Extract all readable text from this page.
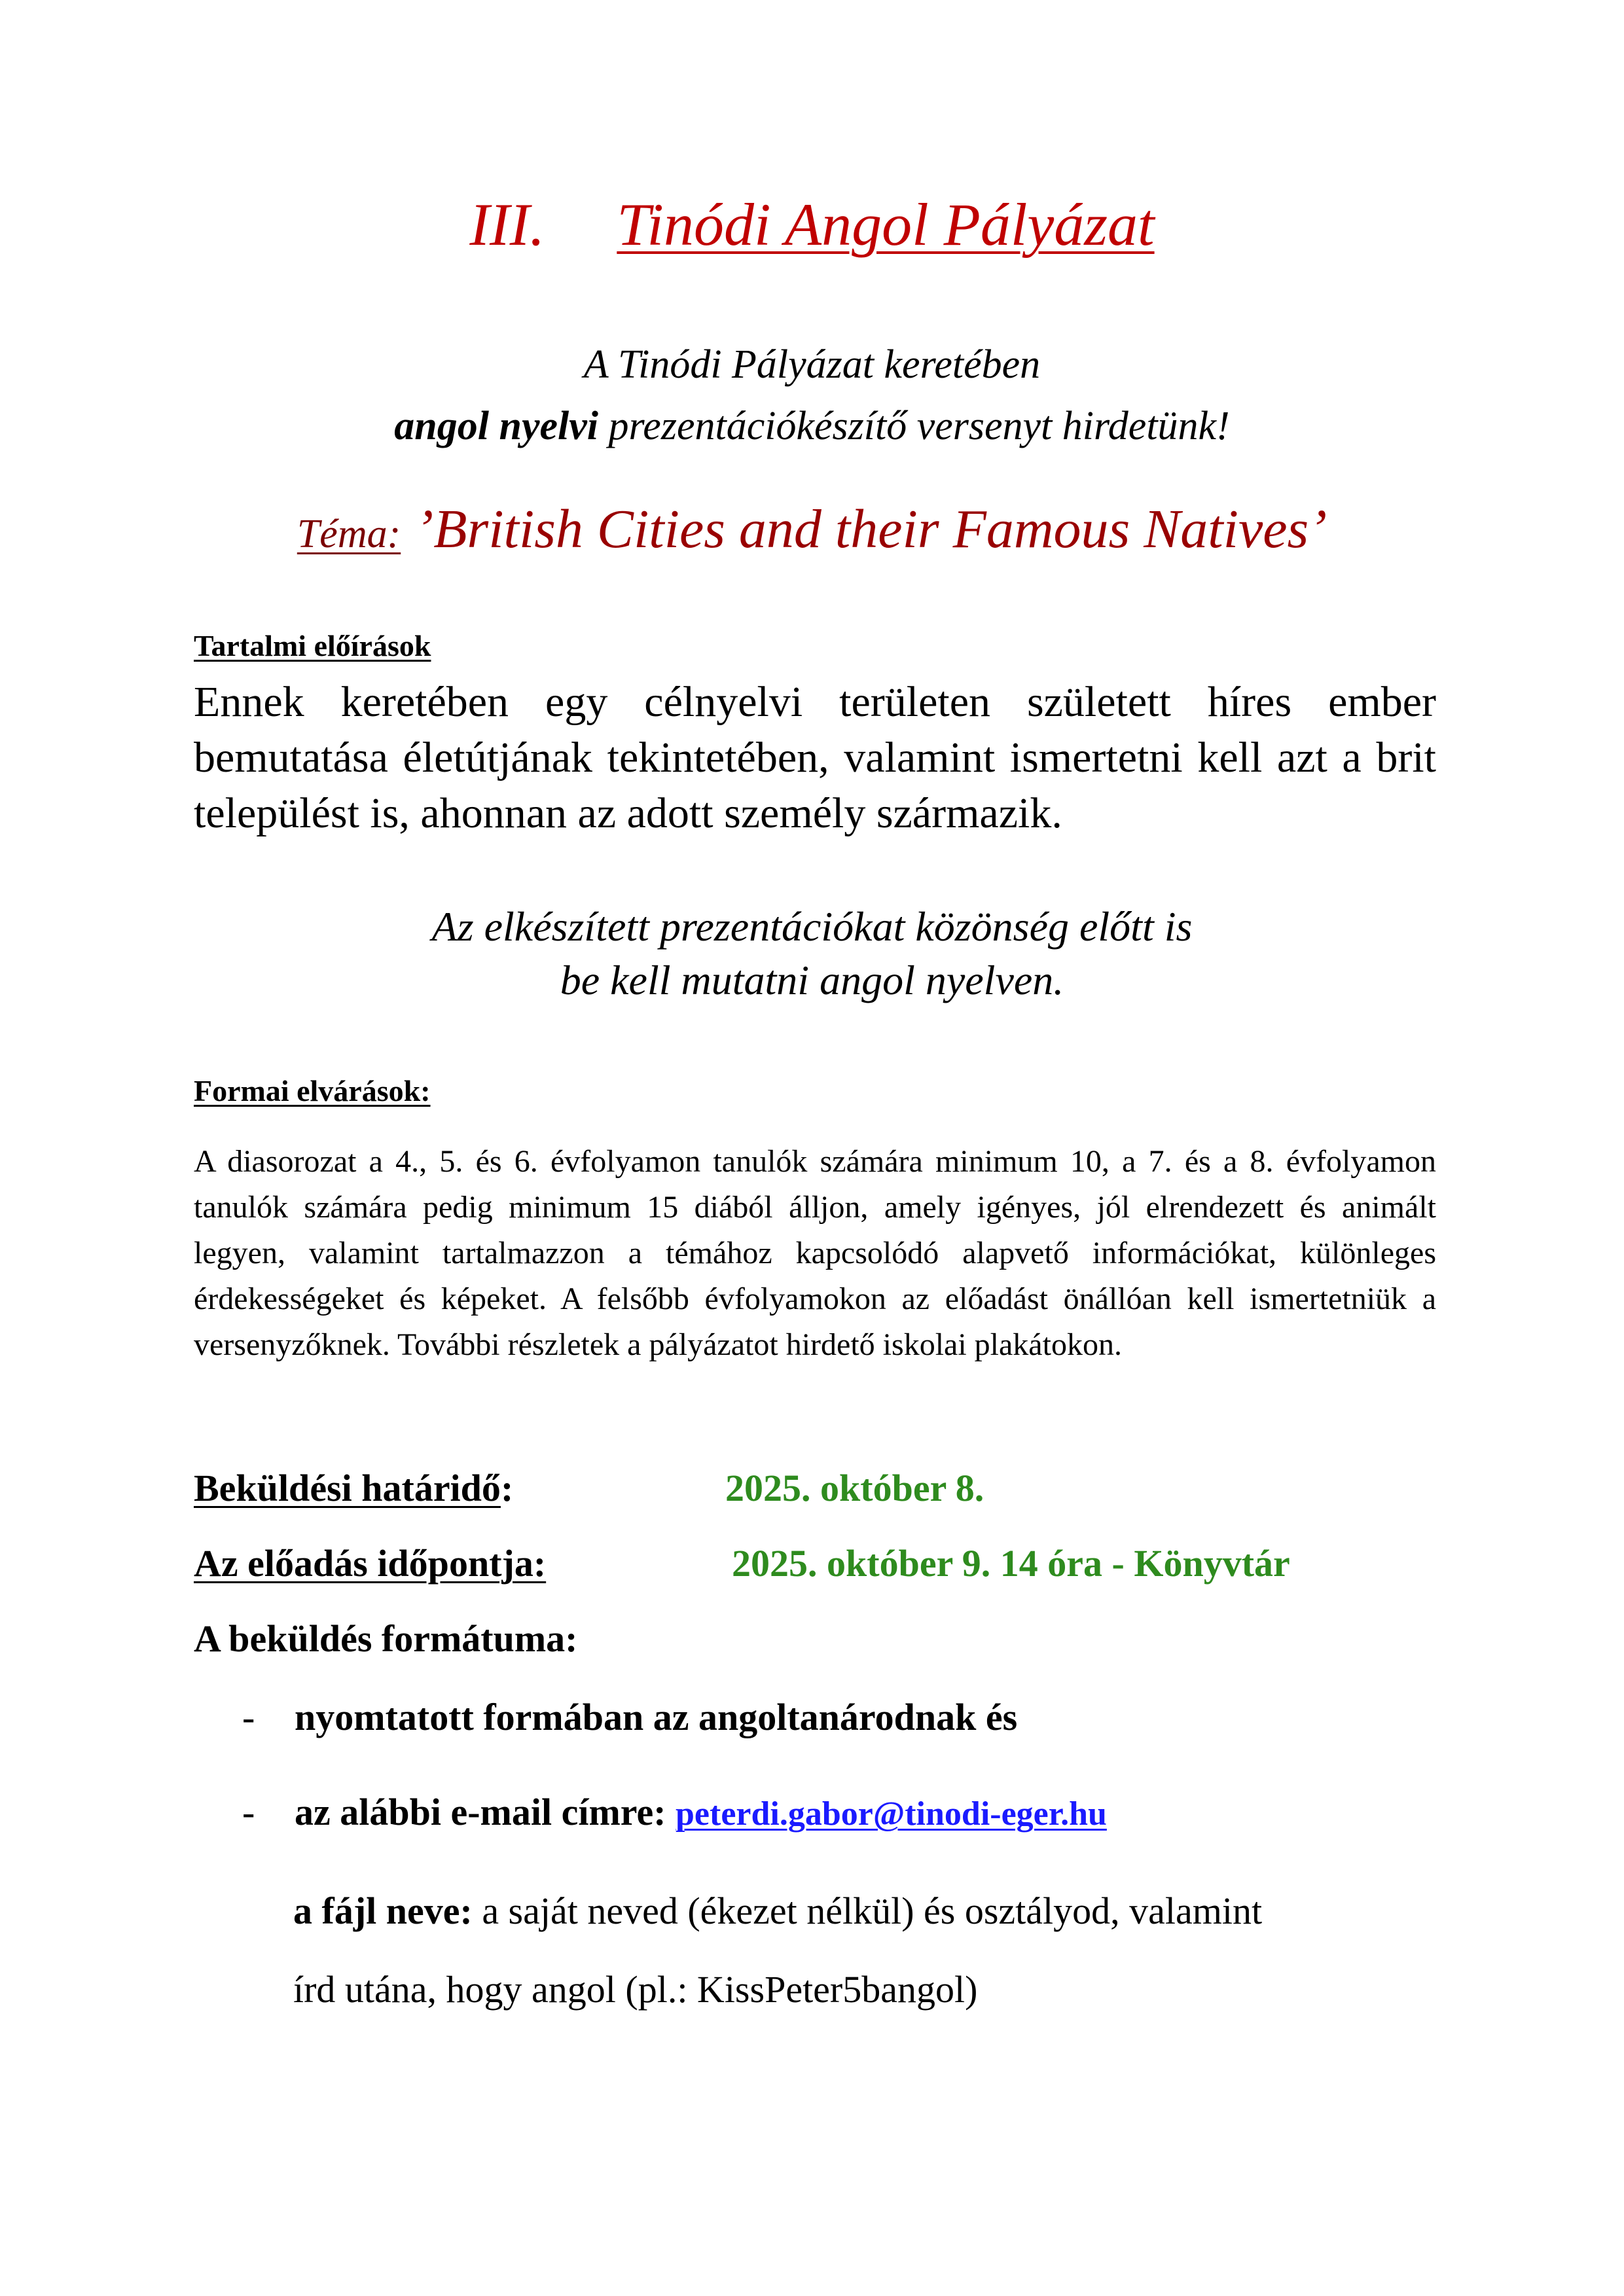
III. Tinódi Angol Pályázat
A Tinódi Pályázat keretében
angol nyelvi prezentációkészítő versenyt hirdetünk!
Téma: ’British Cities and their Famous Natives’
Tartalmi előírások
Ennek keretében egy célnyelvi területen született híres ember bemutatása életútjának tekintetében, valamint ismertetni kell azt a brit települést is, ahonnan az adott személy származik.
Az elkészített prezentációkat közönség előtt is
be kell mutatni angol nyelven.
Formai elvárások:
A diasorozat a 4., 5. és 6. évfolyamon tanulók számára minimum 10, a 7. és a 8. évfolyamon tanulók számára pedig minimum 15 diából álljon, amely igényes, jól elrendezett és animált legyen, valamint tartalmazzon a témához kapcsolódó alapvető információkat, különleges érdekességeket és képeket. A felsőbb évfolyamokon az előadást önállóan kell ismertetniük a versenyzőknek. További részletek a pályázatot hirdető iskolai plakátokon.
Beküldési határidő:	2025. október 8.
Az előadás időpontja:	2025. október 9. 14 óra - Könyvtár
A beküldés formátuma:
- nyomtatott formában az angoltanárodnak és
- az alábbi e-mail címre: peterdi.gabor@tinodi-eger.hu
a fájl neve: a saját neved (ékezet nélkül) és osztályod, valamint
írd utána, hogy angol (pl.: KissPeter5bangol)
